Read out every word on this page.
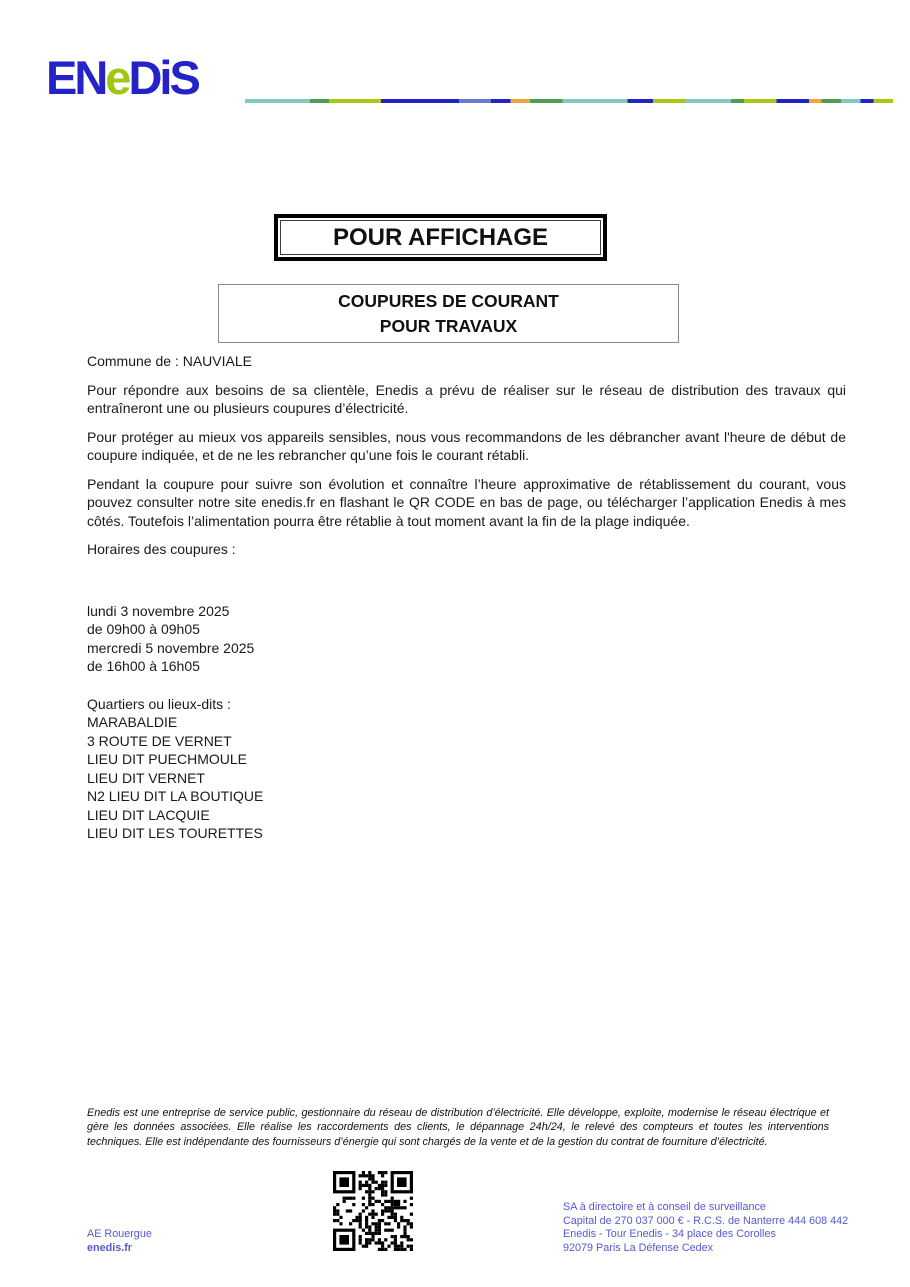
ENeDiS
POUR AFFICHAGE
COUPURES DE COURANT
POUR TRAVAUX

Commune de : NAUVIALE

Pour répondre aux besoins de sa clientèle, Enedis a prévu de réaliser sur le réseau de distribution des travaux qui entraîneront une ou plusieurs coupures d’électricité.

Pour protéger au mieux vos appareils sensibles, nous vous recommandons de les débrancher avant l'heure de début de coupure indiquée, et de ne les rebrancher qu’une fois le courant rétabli.

Pendant la coupure pour suivre son évolution et connaître l’heure approximative de rétablissement du courant, vous pouvez consulter notre site enedis.fr en flashant le QR CODE en bas de page, ou télécharger l’application Enedis à mes côtés. Toutefois l’alimentation pourra être rétablie à tout moment avant la fin de la plage indiquée.

Horaires des coupures :

lundi 3 novembre 2025
de 09h00 à 09h05
mercredi 5 novembre 2025
de 16h00 à 16h05

Quartiers ou lieux-dits :

MARABALDIE
3 ROUTE DE VERNET
LIEU DIT PUECHMOULE
LIEU DIT VERNET
N2 LIEU DIT LA BOUTIQUE
LIEU DIT LACQUIE
LIEU DIT LES TOURETTES
Enedis est une entreprise de service public, gestionnaire du réseau de distribution d’électricité. Elle développe, exploite, modernise le réseau électrique et gère les données associées. Elle réalise les raccordements des clients, le dépannage 24h/24, le relevé des compteurs et toutes les interventions techniques. Elle est indépendante des fournisseurs d’énergie qui sont chargés de la vente et de la gestion du contrat de fourniture d’électricité.
SA à directoire et à conseil de surveillance
Capital de 270 037 000 € - R.C.S. de Nanterre 444 608 442
Enedis - Tour Enedis - 34 place des Corolles
92079 Paris La Défense Cedex
AE Rouergue
enedis.fr
